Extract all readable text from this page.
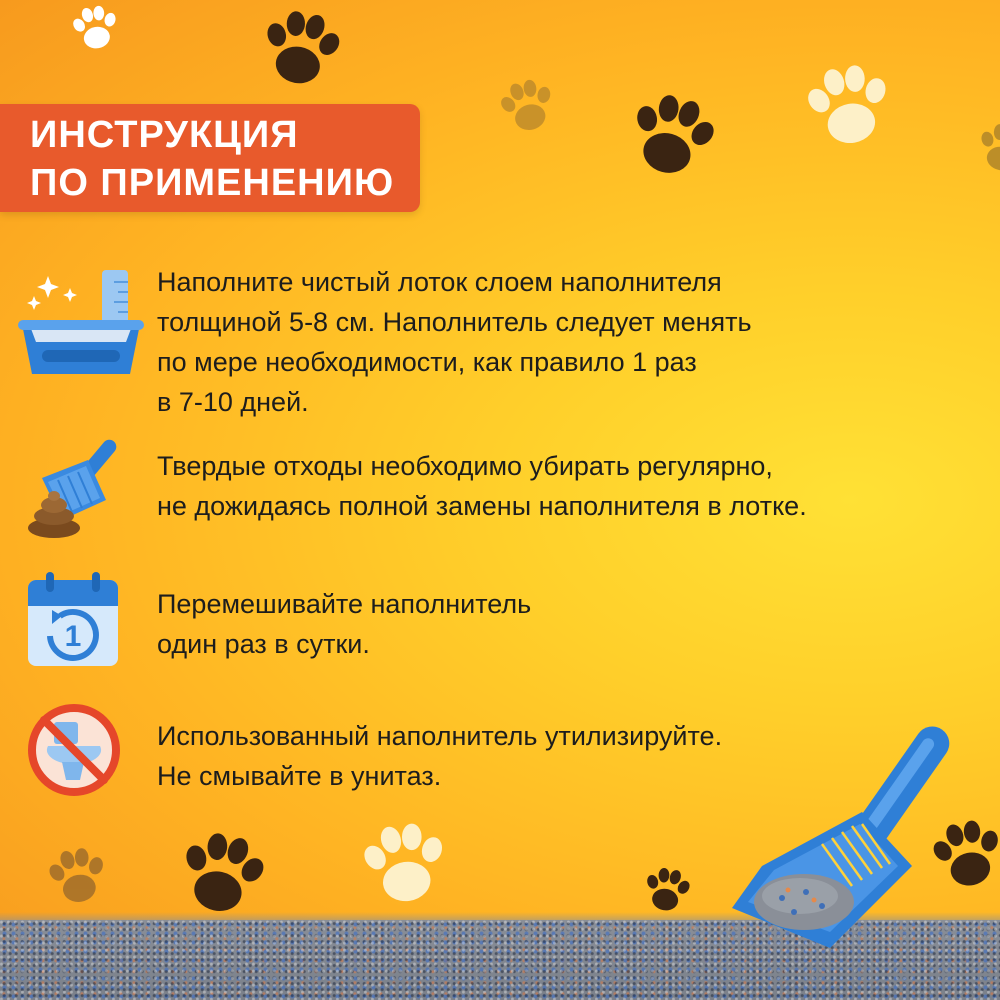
ИНСТРУКЦИЯ
ПО ПРИМЕНЕНИЮ
Наполните чистый лоток слоем наполнителя
толщиной 5-8 см. Наполнитель следует менять
по мере необходимости, как правило 1 раз
в 7-10 дней.
Твердые отходы необходимо убирать регулярно,
не дожидаясь полной замены наполнителя в лотке.
1
Перемешивайте наполнитель
один раз в сутки.
Использованный наполнитель утилизируйте.
Не смывайте в унитаз.
